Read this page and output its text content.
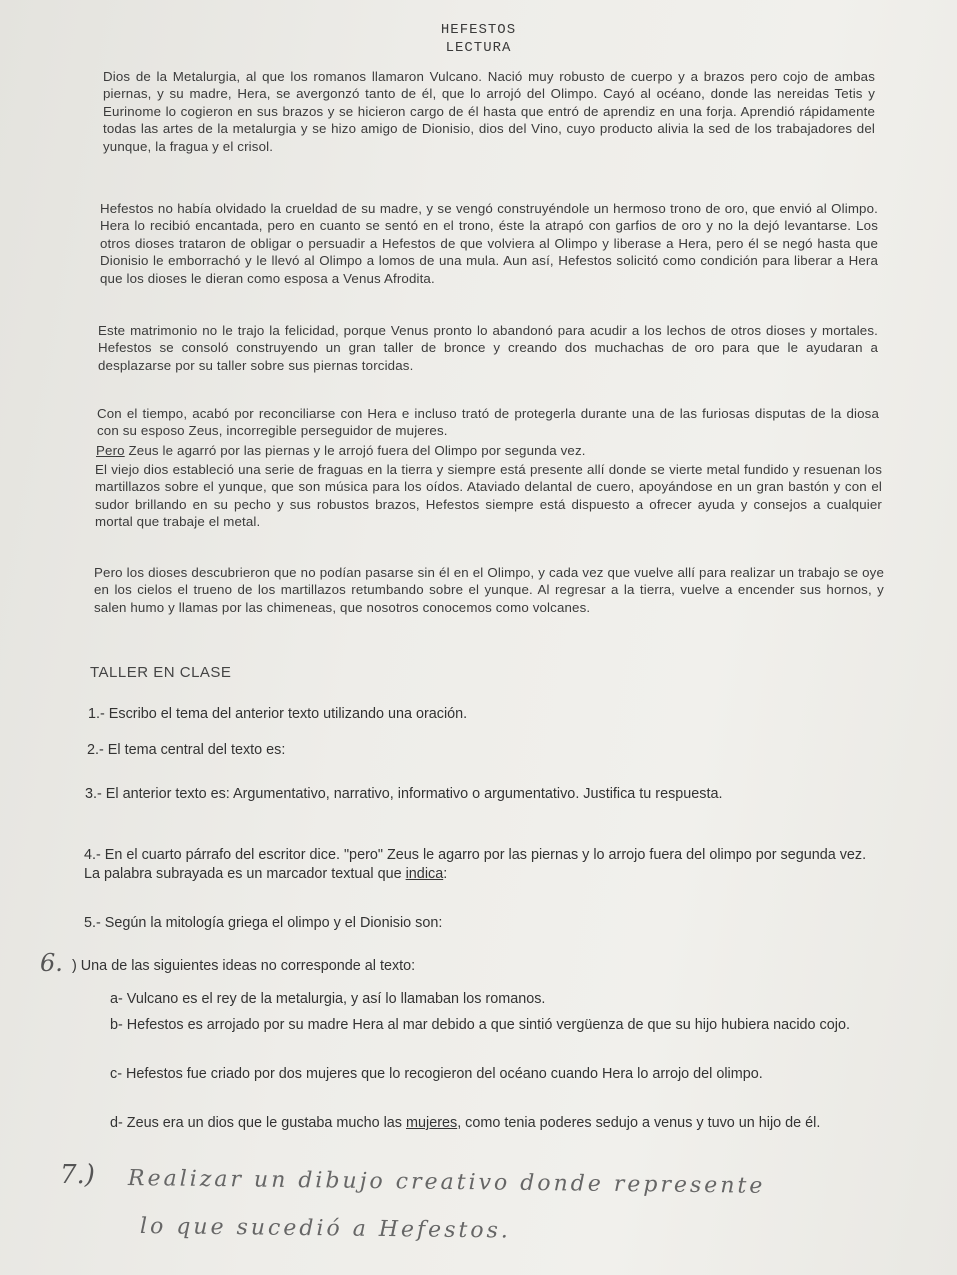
HEFESTOS
LECTURA

Dios de la Metalurgia, al que los romanos llamaron Vulcano. Nació muy robusto de cuerpo y a brazos pero cojo de ambas piernas, y su madre, Hera, se avergonzó tanto de él, que lo arrojó del Olimpo. Cayó al océano, donde las nereidas Tetis y Eurinome lo cogieron en sus brazos y se hicieron cargo de él hasta que entró de aprendiz en una forja. Aprendió rápidamente todas las artes de la metalurgia y se hizo amigo de Dionisio, dios del Vino, cuyo producto alivia la sed de los trabajadores del yunque, la fragua y el crisol.

Hefestos no había olvidado la crueldad de su madre, y se vengó construyéndole un hermoso trono de oro, que envió al Olimpo. Hera lo recibió encantada, pero en cuanto se sentó en el trono, éste la atrapó con garfios de oro y no la dejó levantarse. Los otros dioses trataron de obligar o persuadir a Hefestos de que volviera al Olimpo y liberase a Hera, pero él se negó hasta que Dionisio le emborrachó y le llevó al Olimpo a lomos de una mula. Aun así, Hefestos solicitó como condición para liberar a Hera que los dioses le dieran como esposa a Venus Afrodita.

Este matrimonio no le trajo la felicidad, porque Venus pronto lo abandonó para acudir a los lechos de otros dioses y mortales. Hefestos se consoló construyendo un gran taller de bronce y creando dos muchachas de oro para que le ayudaran a desplazarse por su taller sobre sus piernas torcidas.

Con el tiempo, acabó por reconciliarse con Hera e incluso trató de protegerla durante una de las furiosas disputas de la diosa con su esposo Zeus, incorregible perseguidor de mujeres.

Pero Zeus le agarró por las piernas y le arrojó fuera del Olimpo por segunda vez.

El viejo dios estableció una serie de fraguas en la tierra y siempre está presente allí donde se vierte metal fundido y resuenan los martillazos sobre el yunque, que son música para los oídos. Ataviado delantal de cuero, apoyándose en un gran bastón y con el sudor brillando en su pecho y sus robustos brazos, Hefestos siempre está dispuesto a ofrecer ayuda y consejos a cualquier mortal que trabaje el metal.

Pero los dioses descubrieron que no podían pasarse sin él en el Olimpo, y cada vez que vuelve allí para realizar un trabajo se oye en los cielos el trueno de los martillazos retumbando sobre el yunque. Al regresar a la tierra, vuelve a encender sus hornos, y salen humo y llamas por las chimeneas, que nosotros conocemos como volcanes.

TALLER EN CLASE

1.- Escribo el tema del anterior texto utilizando una oración.

2.- El tema central del texto es:

3.- El anterior texto es: Argumentativo, narrativo, informativo o argumentativo. Justifica tu respuesta.

4.- En el cuarto párrafo del escritor dice. "pero" Zeus le agarro por las piernas y lo arrojo fuera del olimpo por segunda vez. La palabra subrayada es un marcador textual que indica:

5.- Según la mitología griega el olimpo y el Dionisio son:

6. ) Una de las siguientes ideas no corresponde al texto:

a- Vulcano es el rey de la metalurgia, y así lo llamaban los romanos.

b- Hefestos es arrojado por su madre Hera al mar debido a que sintió vergüenza de que su hijo hubiera nacido cojo.

c- Hefestos fue criado por dos mujeres que lo recogieron del océano cuando Hera lo arrojo del olimpo.

d- Zeus era un dios que le gustaba mucho las mujeres, como tenia poderes sedujo a venus y tuvo un hijo de él.

7.) Realizar un dibujo creativo donde represente
lo que sucedió a Hefestos.
